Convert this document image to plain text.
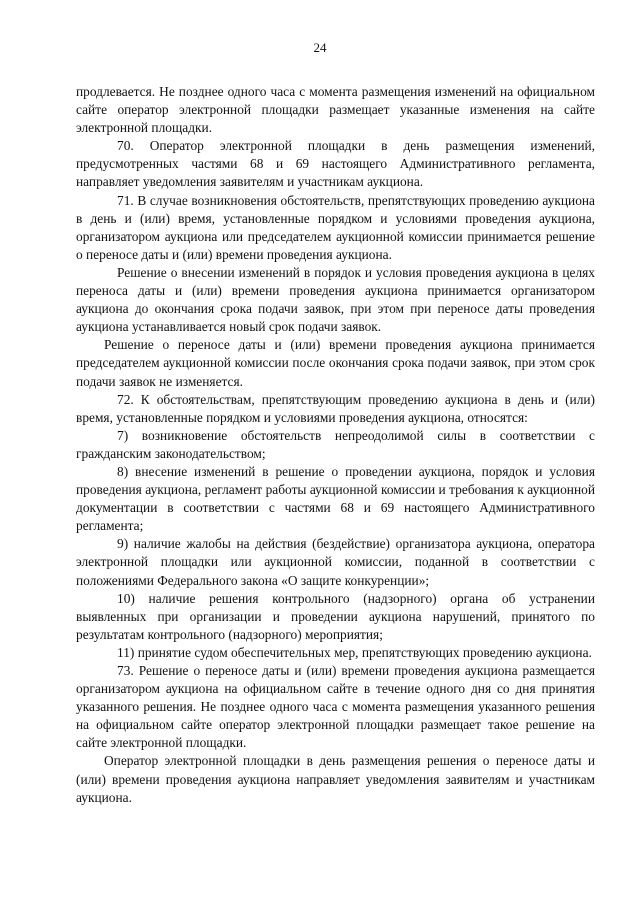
24

продлевается. Не позднее одного часа с момента размещения изменений на официальном сайте оператор электронной площадки размещает указанные изменения на сайте электронной площадки.

70. Оператор электронной площадки в день размещения изменений, предусмотренных частями 68 и 69 настоящего Административного регламента, направляет уведомления заявителям и участникам аукциона.

71. В случае возникновения обстоятельств, препятствующих проведению аукциона в день и (или) время, установленные порядком и условиями проведения аукциона, организатором аукциона или председателем аукционной комиссии принимается решение о переносе даты и (или) времени проведения аукциона.

Решение о внесении изменений в порядок и условия проведения аукциона в целях переноса даты и (или) времени проведения аукциона принимается организатором аукциона до окончания срока подачи заявок, при этом при переносе даты проведения аукциона устанавливается новый срок подачи заявок.

Решение о переносе даты и (или) времени проведения аукциона принимается председателем аукционной комиссии после окончания срока подачи заявок, при этом срок подачи заявок не изменяется.

72. К обстоятельствам, препятствующим проведению аукциона в день и (или) время, установленные порядком и условиями проведения аукциона, относятся:

7) возникновение обстоятельств непреодолимой силы в соответствии с гражданским законодательством;

8) внесение изменений в решение о проведении аукциона, порядок и условия проведения аукциона, регламент работы аукционной комиссии и требования к аукционной документации в соответствии с частями 68 и 69 настоящего Административного регламента;

9) наличие жалобы на действия (бездействие) организатора аукциона, оператора электронной площадки или аукционной комиссии, поданной в соответствии с положениями Федерального закона «О защите конкуренции»;

10) наличие решения контрольного (надзорного) органа об устранении выявленных при организации и проведении аукциона нарушений, принятого по результатам контрольного (надзорного) мероприятия;

11) принятие судом обеспечительных мер, препятствующих проведению аукциона.

73. Решение о переносе даты и (или) времени проведения аукциона размещается организатором аукциона на официальном сайте в течение одного дня со дня принятия указанного решения. Не позднее одного часа с момента размещения указанного решения на официальном сайте оператор электронной площадки размещает такое решение на сайте электронной площадки.

Оператор электронной площадки в день размещения решения о переносе даты и (или) времени проведения аукциона направляет уведомления заявителям и участникам аукциона.
